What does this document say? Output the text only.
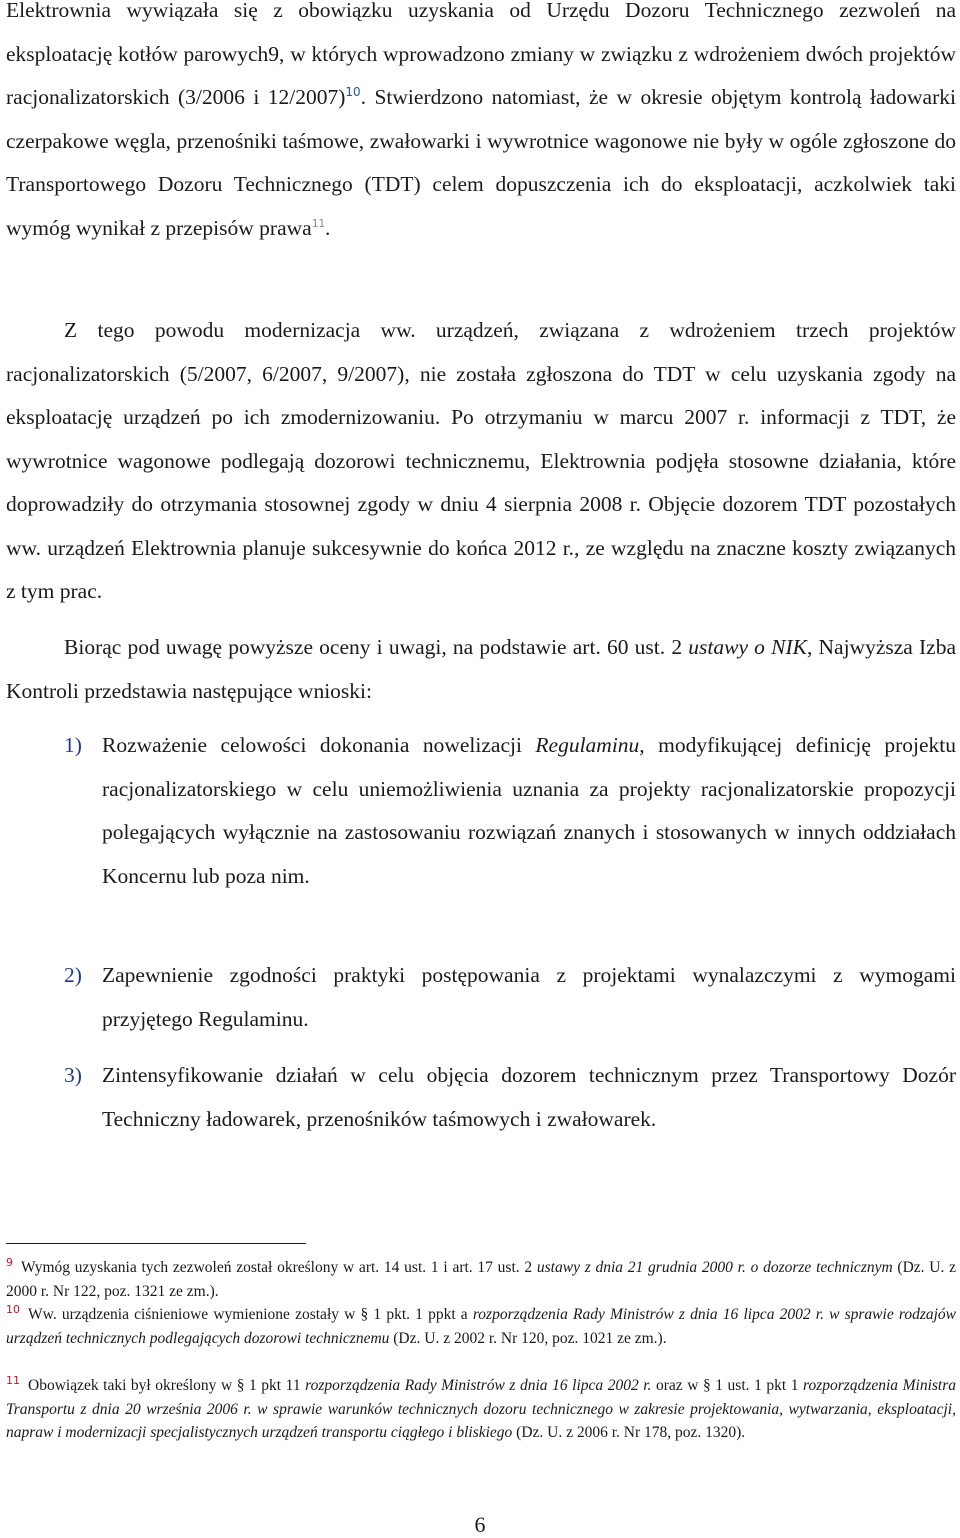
Elektrownia wywiązała się z obowiązku uzyskania od Urzędu Dozoru Technicznego zezwoleń na eksploatację kotłów parowych9, w których wprowadzono zmiany w związku z wdrożeniem dwóch projektów racjonalizatorskich (3/2006 i 12/2007)$^{10}$. Stwierdzono natomiast, że w okresie objętym kontrolą ładowarki czerpakowe węgla, przenośniki taśmowe, zwałowarki i wywrotnice wagonowe nie były w ogóle zgłoszone do Transportowego Dozoru Technicznego (TDT) celem dopuszczenia ich do eksploatacji, aczkolwiek taki wymóg wynikał z przepisów prawa$^{11}$.

Z tego powodu modernizacja ww. urządzeń, związana z wdrożeniem trzech projektów racjonalizatorskich (5/2007, 6/2007, 9/2007), nie została zgłoszona do TDT w celu uzyskania zgody na eksploatację urządzeń po ich zmodernizowaniu. Po otrzymaniu w marcu 2007 r. informacji z TDT, że wywrotnice wagonowe podlegają dozorowi technicznemu, Elektrownia podjęła stosowne działania, które doprowadziły do otrzymania stosownej zgody w dniu 4 sierpnia 2008 r. Objęcie dozorem TDT pozostałych ww. urządzeń Elektrownia planuje sukcesywnie do końca 2012 r., ze względu na znaczne koszty związanych z tym prac.

Biorąc pod uwagę powyższe oceny i uwagi, na podstawie art. 60 ust. 2 ustawy o NIK, Najwyższa Izba Kontroli przedstawia następujące wnioski:

1) Rozważenie celowości dokonania nowelizacji Regulaminu, modyfikującej definicję projektu racjonalizatorskiego w celu uniemożliwienia uznania za projekty racjonalizatorskie propozycji polegających wyłącznie na zastosowaniu rozwiązań znanych i stosowanych w innych oddziałach Koncernu lub poza nim.
2) Zapewnienie zgodności praktyki postępowania z projektami wynalazczymi z wymogami przyjętego Regulaminu.
3) Zintensyfikowanie działań w celu objęcia dozorem technicznym przez Transportowy Dozór Techniczny ładowarek, przenośników taśmowych i zwałowarek.

$^9$ Wymóg uzyskania tych zezwoleń został określony w art. 14 ust. 1 i art. 17 ust. 2 ustawy z dnia 21 grudnia 2000 r. o dozorze technicznym (Dz. U. z 2000 r. Nr 122, poz. 1321 ze zm.).

$^{10}$ Ww. urządzenia ciśnieniowe wymienione zostały w § 1 pkt. 1 ppkt a rozporządzenia Rady Ministrów z dnia 16 lipca 2002 r. w sprawie rodzajów urządzeń technicznych podlegających dozorowi technicznemu (Dz. U. z 2002 r. Nr 120, poz. 1021 ze zm.).

$^{11}$ Obowiązek taki był określony w § 1 pkt 11 rozporządzenia Rady Ministrów z dnia 16 lipca 2002 r. oraz w § 1 ust. 1 pkt 1 rozporządzenia Ministra Transportu z dnia 20 września 2006 r. w sprawie warunków technicznych dozoru technicznego w zakresie projektowania, wytwarzania, eksploatacji, napraw i modernizacji specjalistycznych urządzeń transportu ciągłego i bliskiego (Dz. U. z 2006 r. Nr 178, poz. 1320).

6
